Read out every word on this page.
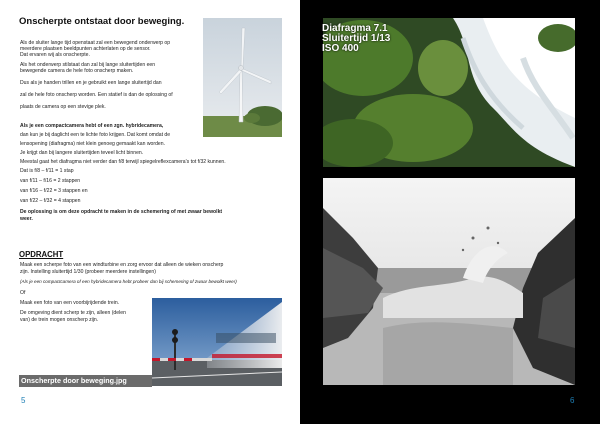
Onscherpte ontstaat door beweging.
Als de sluiter lange tijd openstaat zal een bewegend onderwerp op
meerdere plaatsen beeldpunten achterlaten op de sensor.
Dat ervaren wij als onscherpte.
Als het onderwerp stilstaat dan zal bij lange sluitertijden een
bewegende camera de hele foto onscherp maken.
Dus als je handen trillen en je gebruikt een lange sluitertijd dan
zal de hele foto onscherp worden. Een statief is dan de oplossing of
plaats de camera op een stevige plek.
Als je een compactcamera hebt of een zgn. hybridecamera,
dan kun je bij daglicht een te lichte foto krijgen. Dat komt omdat de
lensopening (diafragma) niet klein genoeg gemaakt kan worden.
Je krijgt dan bij langere sluitertijden teveel licht binnen.
Meestal gaat het diafragma niet verder dan f/8 terwijl spiegelreflexcamera's tot f/32 kunnen.
Dat is f/8 – f/11 = 1 stap
van f/11 – f/16 = 2 stappen
van f/16 – f/22 = 3 stappen en
van f/22 – f/32 = 4 stappen
De oplossing is om deze opdracht te maken in de schemering of met zwaar bewolkt
weer.
OPDRACHT
Maak een scherpe foto van een windturbine en zorg ervoor dat alleen de wieken onscherp
zijn. Instelling sluitertijd 1/30 (probeer meerdere instellingen)
(Als je een compactcamera of een hybridecamera hebt probeer dan bij schemering of zwaar bewolkt weer)
Of
Maak een foto van een voorbijrijdende trein.
De omgeving dient scherp te zijn, alleen (delen
van) de trein mogen onscherp zijn.
Onscherpte door beweging.jpg
5
Diafragma 7.1
Sluitertijd 1/13
ISO 400
6
